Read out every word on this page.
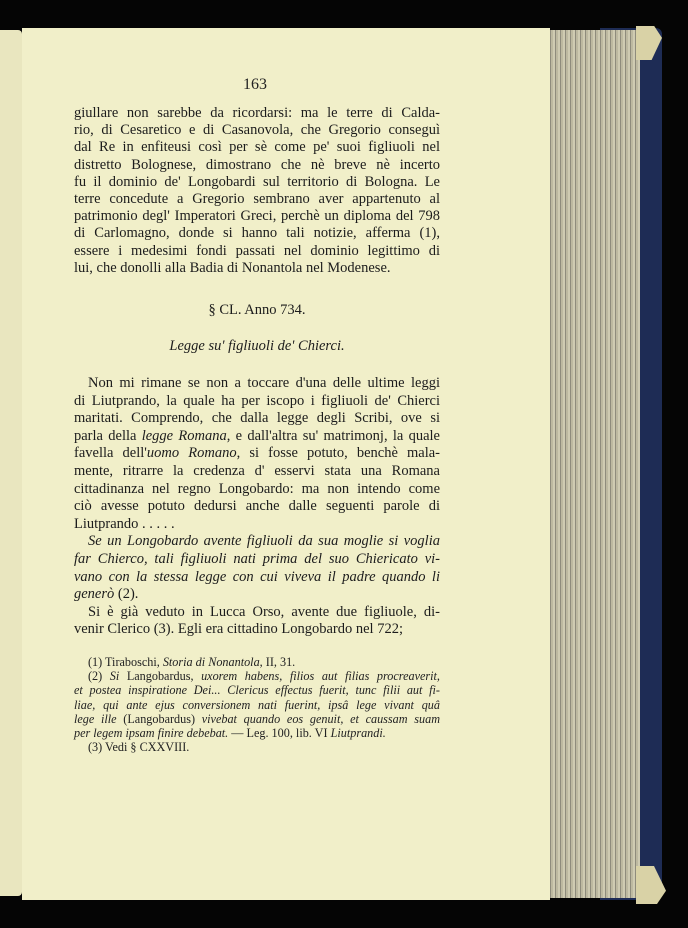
163
giullare non sarebbe da ricordarsi: ma le terre di Calda-
rio, di Cesaretico e di Casanovola, che Gregorio conseguì
dal Re in enfiteusi così per sè come pe' suoi figliuoli nel
distretto Bolognese, dimostrano che nè breve nè incerto
fu il dominio de' Longobardi sul territorio di Bologna. Le
terre concedute a Gregorio sembrano aver appartenuto al
patrimonio degl' Imperatori Greci, perchè un diploma del 798
di Carlomagno, donde si hanno tali notizie, afferma (1),
essere i medesimi fondi passati nel dominio legittimo di
lui, che donolli alla Badia di Nonantola nel Modenese.
§ CL. Anno 734.
Legge su' figliuoli de' Chierci.
Non mi rimane se non a toccare d'una delle ultime leggi
di Liutprando, la quale ha per iscopo i figliuoli de' Chierci
maritati. Comprendo, che dalla legge degli Scribi, ove si
parla della legge Romana, e dall'altra su' matrimonj, la quale
favella dell'uomo Romano, si fosse potuto, benchè mala-
mente, ritrarre la credenza d' esservi stata una Romana
cittadinanza nel regno Longobardo: ma non intendo come
ciò avesse potuto dedursi anche dalle seguenti parole di
Liutprando . . . . .
Se un Longobardo avente figliuoli da sua moglie si voglia
far Chierco, tali figliuoli nati prima del suo Chiericato vi-
vano con la stessa legge con cui viveva il padre quando li
generò (2).
Si è già veduto in Lucca Orso, avente due figliuole, di-
venir Clerico (3). Egli era cittadino Longobardo nel 722;
(1) Tiraboschi, Storia di Nonantola, II, 31.
(2) Si Langobardus, uxorem habens, filios aut filias procreaverit,
et postea inspiratione Dei... Clericus effectus fuerit, tunc filii aut fi-
liae, qui ante ejus conversionem nati fuerint, ipsâ lege vivant quâ
lege ille (Langobardus) vivebat quando eos genuit, et caussam suam
per legem ipsam finire debebat. — Leg. 100, lib. VI Liutprandi.
(3) Vedi § CXXVIII.
